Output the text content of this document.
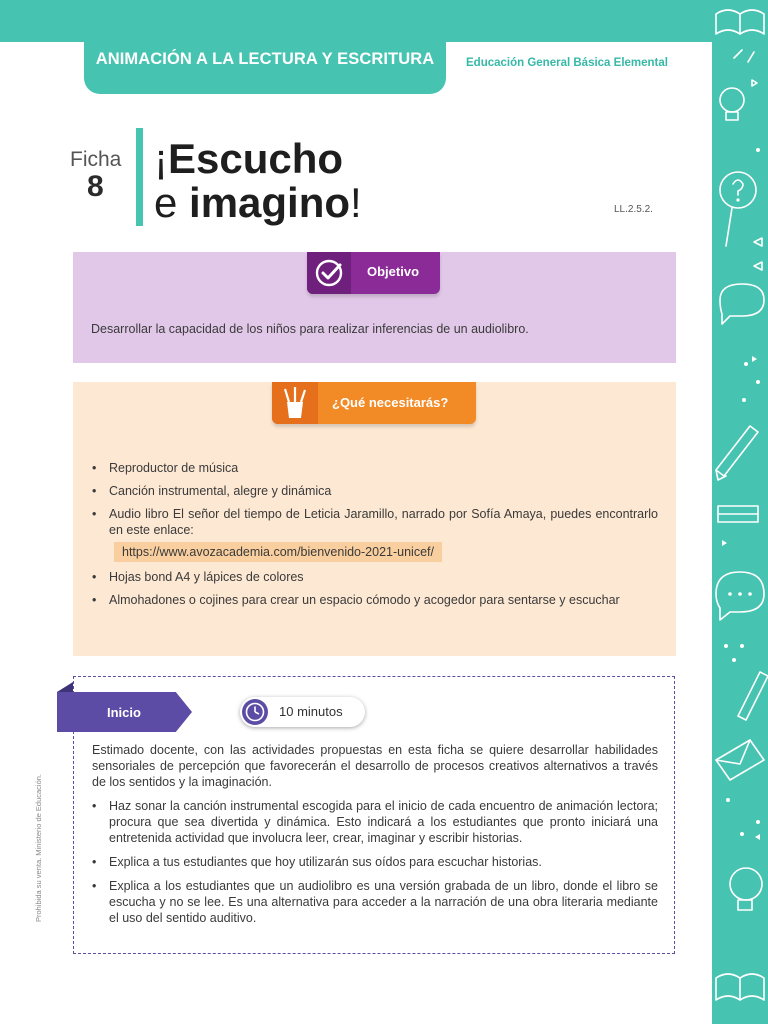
ANIMACIÓN A LA LECTURA Y ESCRITURA	Educación General Básica Elemental
Ficha
8
¡Escucho
e imagino!	LL.2.5.2.
Objetivo
Desarrollar la capacidad de los niños para realizar inferencias de un audiolibro.
¿Qué necesitarás?
• Reproductor de música
• Canción instrumental, alegre y dinámica
• Audio libro El señor del tiempo de Leticia Jaramillo, narrado por Sofía Amaya, puedes encontrarlo en este enlace:
https://www.avozacademia.com/bienvenido-2021-unicef/
• Hojas bond A4 y lápices de colores
• Almohadones o cojines para crear un espacio cómodo y acogedor para sentarse y escuchar
Inicio	10 minutos
Estimado docente, con las actividades propuestas en esta ficha se quiere desarrollar habilidades sensoriales de percepción que favorecerán el desarrollo de procesos creativos alternativos a través de los sentidos y la imaginación.
• Haz sonar la canción instrumental escogida para el inicio de cada encuentro de animación lectora; procura que sea divertida y dinámica. Esto indicará a los estudiantes que pronto iniciará una entretenida actividad que involucra leer, crear, imaginar y escribir historias.
• Explica a tus estudiantes que hoy utilizarán sus oídos para escuchar historias.
• Explica a los estudiantes que un audiolibro es una versión grabada de un libro, donde el libro se escucha y no se lee. Es una alternativa para acceder a la narración de una obra literaria mediante el uso del sentido auditivo.
Prohibida su venta. Ministerio de Educación.
